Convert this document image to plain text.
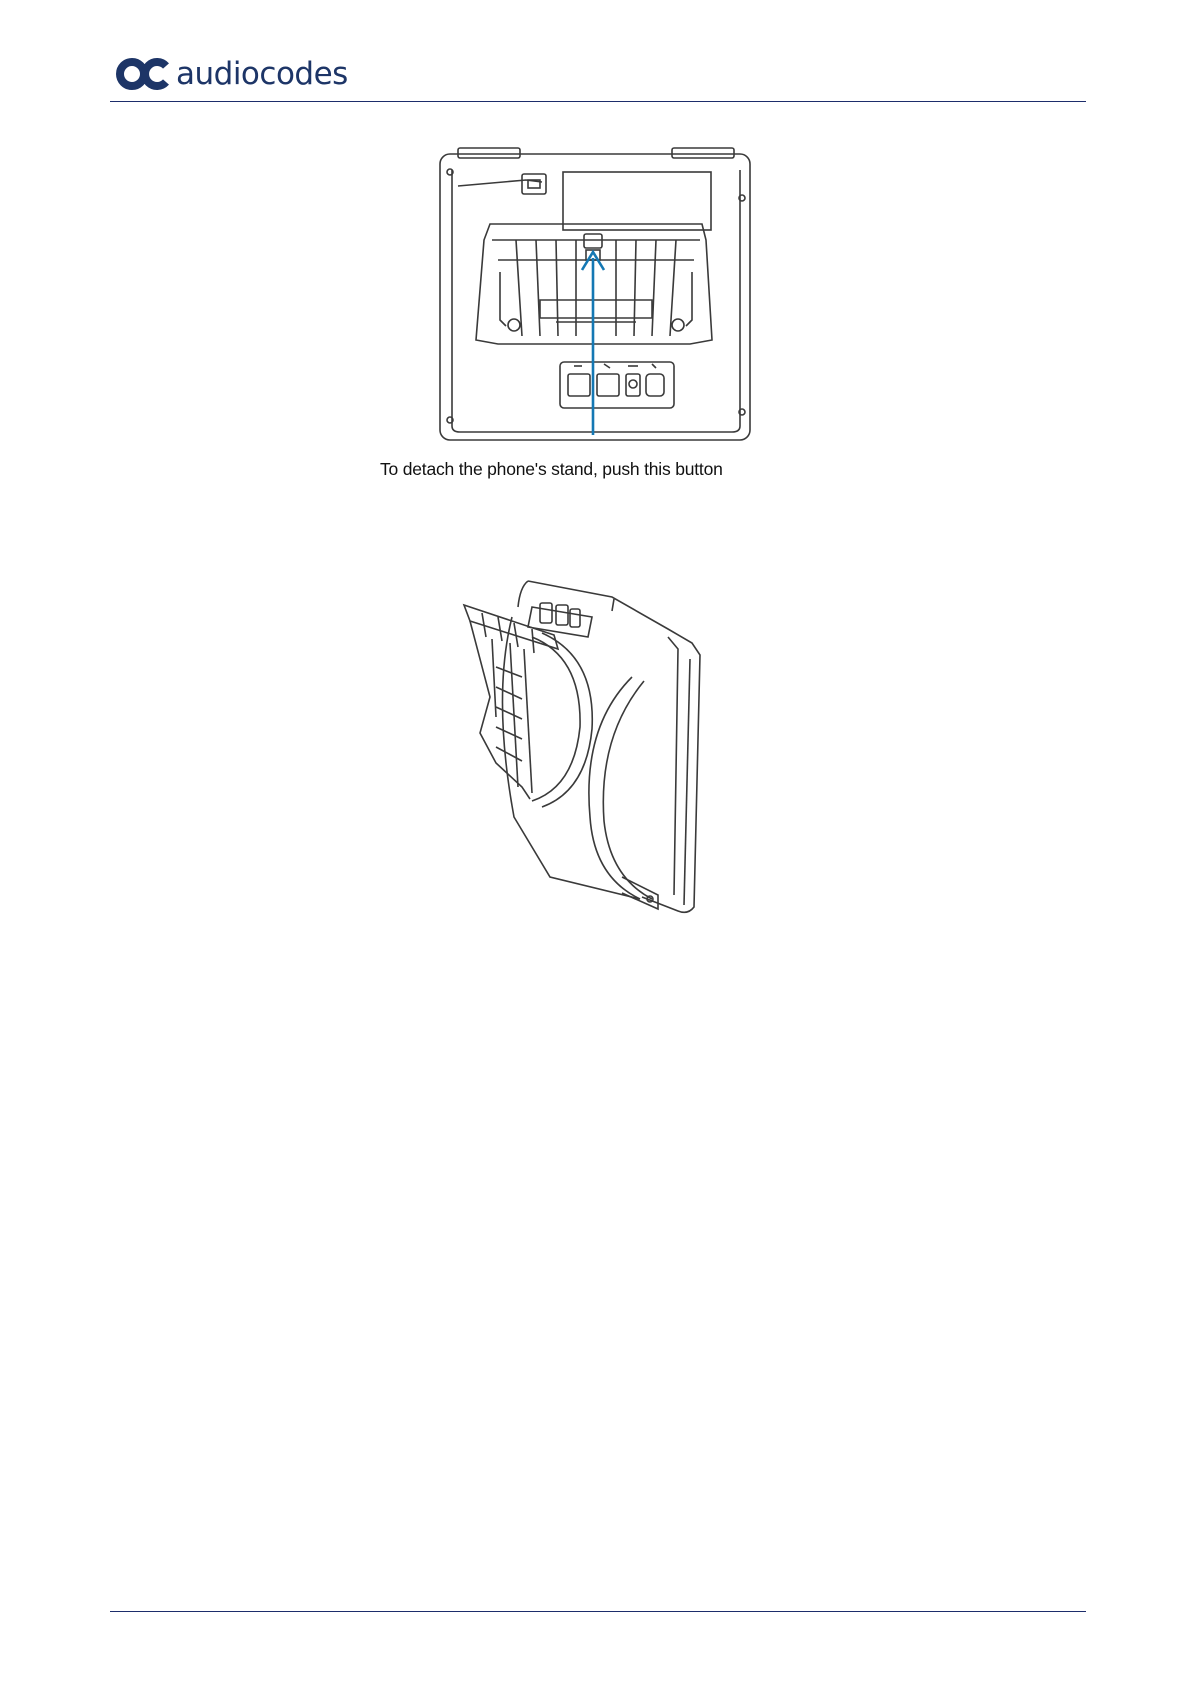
audiocodes
To detach the phone's stand, push this button
